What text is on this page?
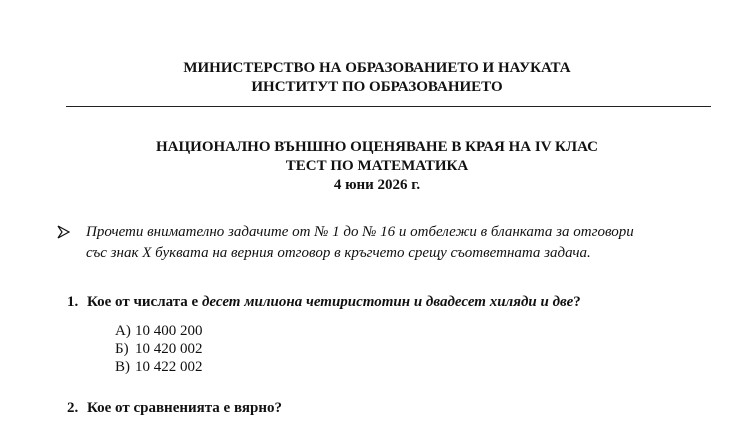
МИНИСТЕРСТВО НА ОБРАЗОВАНИЕТО И НАУКАТА
ИНСТИТУТ ПО ОБРАЗОВАНИЕТО
НАЦИОНАЛНО ВЪНШНО ОЦЕНЯВАНЕ В КРАЯ НА IV КЛАС
ТЕСТ ПО МАТЕМАТИКА
4 юни 2026 г.
Прочети внимателно задачите от № 1 до № 16 и отбележи в бланката за отговори
със знак X буквата на верния отговор в кръгчето срещу съответната задача.
1. Кое от числата е десет милиона четиристотин и двадесет хиляди и две?
А) 10 400 200
Б) 10 420 002
В) 10 422 002
2. Кое от сравненията е вярно?
